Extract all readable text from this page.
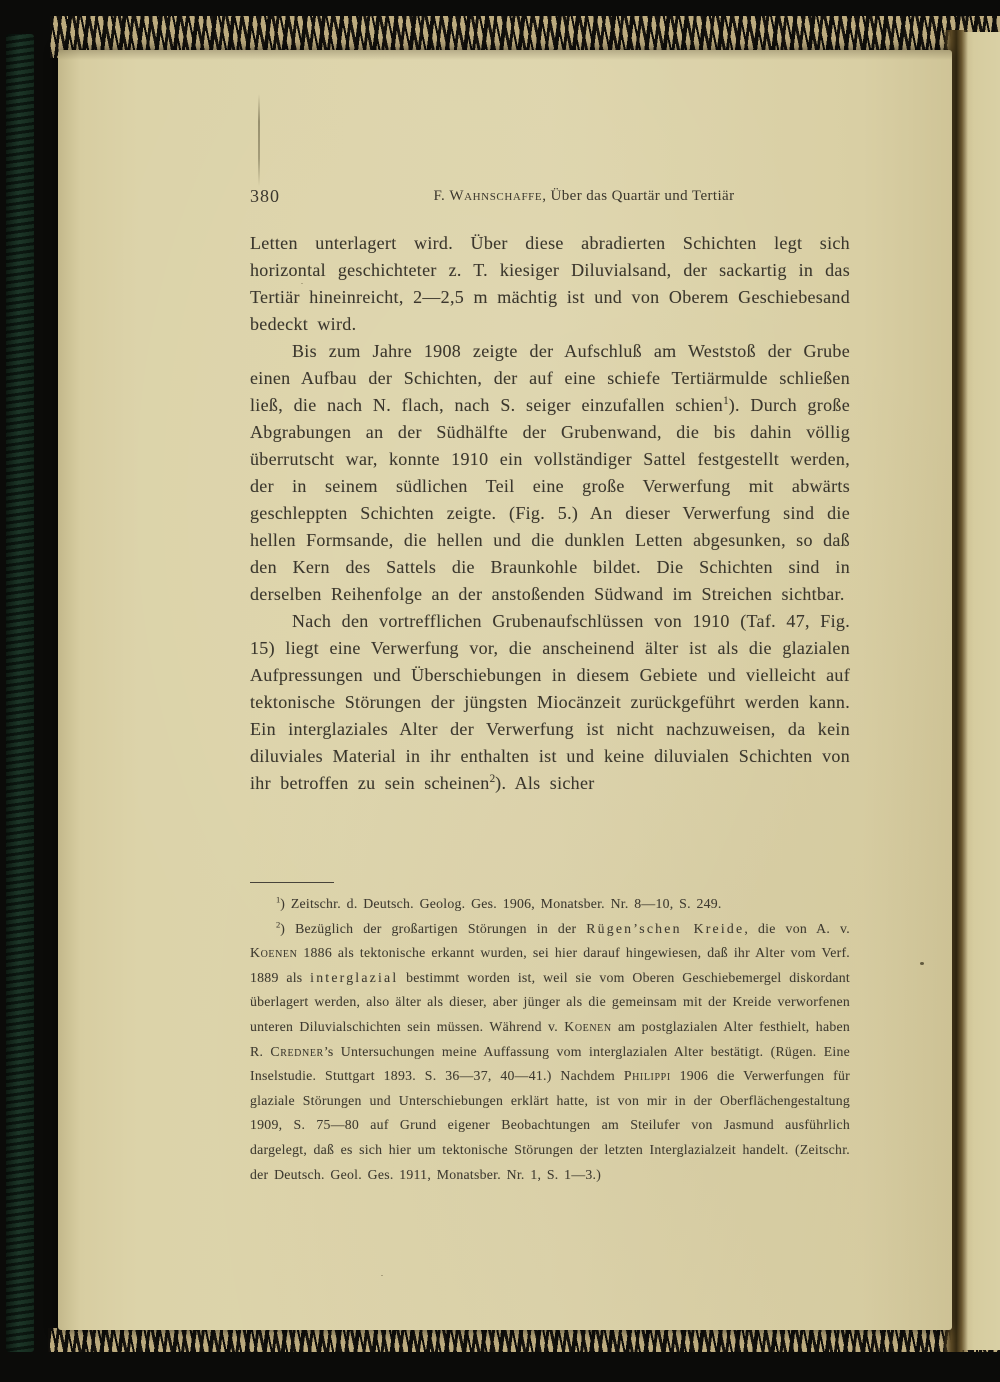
380	F. Wahnschaffe, Über das Quartär und Tertiär

Letten unterlagert wird. Über diese abradierten Schichten legt sich horizontal geschichteter z. T. kiesiger Diluvialsand, der sackartig in das Tertiär hineinreicht, 2—2,5 m mächtig ist und von Oberem Geschiebesand bedeckt wird.

Bis zum Jahre 1908 zeigte der Aufschluß am Weststoß der Grube einen Aufbau der Schichten, der auf eine schiefe Tertiärmulde schließen ließ, die nach N. flach, nach S. seiger einzufallen schien$^1$). Durch große Abgrabungen an der Südhälfte der Grubenwand, die bis dahin völlig überrutscht war, konnte 1910 ein vollständiger Sattel festgestellt werden, der in seinem südlichen Teil eine große Verwerfung mit abwärts geschleppten Schichten zeigte. (Fig. 5.) An dieser Verwerfung sind die hellen Formsande, die hellen und die dunklen Letten abgesunken, so daß den Kern des Sattels die Braunkohle bildet. Die Schichten sind in derselben Reihenfolge an der anstoßenden Südwand im Streichen sichtbar.

Nach den vortrefflichen Grubenaufschlüssen von 1910 (Taf. 47, Fig. 15) liegt eine Verwerfung vor, die anscheinend älter ist als die glazialen Aufpressungen und Überschiebungen in diesem Gebiete und vielleicht auf tektonische Störungen der jüngsten Miocänzeit zurückgeführt werden kann. Ein interglaziales Alter der Verwerfung ist nicht nachzuweisen, da kein diluviales Material in ihr enthalten ist und keine diluvialen Schichten von ihr betroffen zu sein scheinen$^2$). Als sicher

$^1$) Zeitschr. d. Deutsch. Geolog. Ges. 1906, Monatsber. Nr. 8—10, S. 249.

$^2$) Bezüglich der großartigen Störungen in der Rügen’schen Kreide, die von A. v. Koenen 1886 als tektonische erkannt wurden, sei hier darauf hingewiesen, daß ihr Alter vom Verf. 1889 als interglazial bestimmt worden ist, weil sie vom Oberen Geschiebemergel diskordant überlagert werden, also älter als dieser, aber jünger als die gemeinsam mit der Kreide verworfenen unteren Diluvialschichten sein müssen. Während v. Koenen am postglazialen Alter festhielt, haben R. Credner’s Untersuchungen meine Auffassung vom interglazialen Alter bestätigt. (Rügen. Eine Inselstudie. Stuttgart 1893. S. 36—37, 40—41.) Nachdem Philippi 1906 die Verwerfungen für glaziale Störungen und Unterschiebungen erklärt hatte, ist von mir in der Oberflächengestaltung 1909, S. 75—80 auf Grund eigener Beobachtungen am Steilufer von Jasmund ausführlich dargelegt, daß es sich hier um tektonische Störungen der letzten Interglazialzeit handelt. (Zeitschr. der Deutsch. Geol. Ges. 1911, Monatsber. Nr. 1, S. 1—3.)
